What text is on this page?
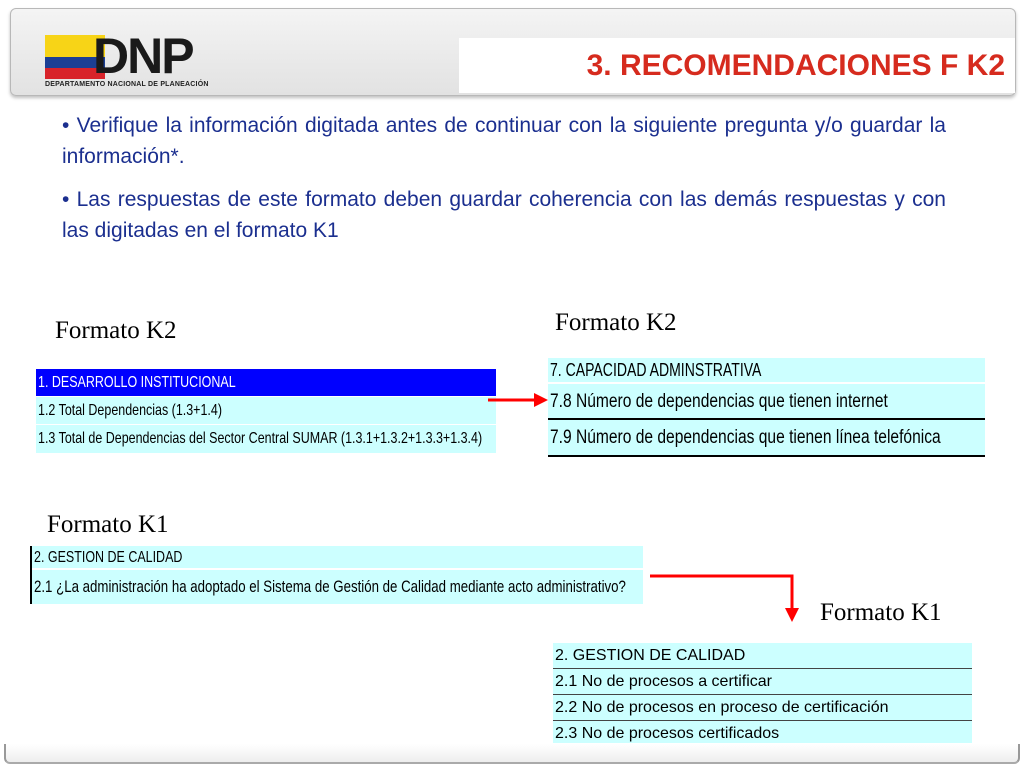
DNP
DEPARTAMENTO NACIONAL DE PLANEACIÓN
3. RECOMENDACIONES F K2

• Verifique la información digitada antes de continuar con la siguiente pregunta y/o guardar la información*.

• Las respuestas de este formato deben guardar coherencia con las demás respuestas y con las digitadas en el formato K1

Formato K2	Formato K2
Formato K1
Formato K1
1. DESARROLLO INSTITUCIONAL
1.2 Total Dependencias (1.3+1.4)
1.3 Total de Dependencias del Sector Central SUMAR (1.3.1+1.3.2+1.3.3+1.3.4)
7. CAPACIDAD ADMINSTRATIVA
7.8 Número de dependencias que tienen internet
7.9 Número de dependencias que tienen línea telefónica
2. GESTION DE CALIDAD
2.1 ¿La administración ha adoptado el Sistema de Gestión de Calidad mediante acto administrativo?
2. GESTION DE CALIDAD
2.1 No de procesos a certificar
2.2 No de procesos en proceso de certificación
2.3 No de procesos certificados
